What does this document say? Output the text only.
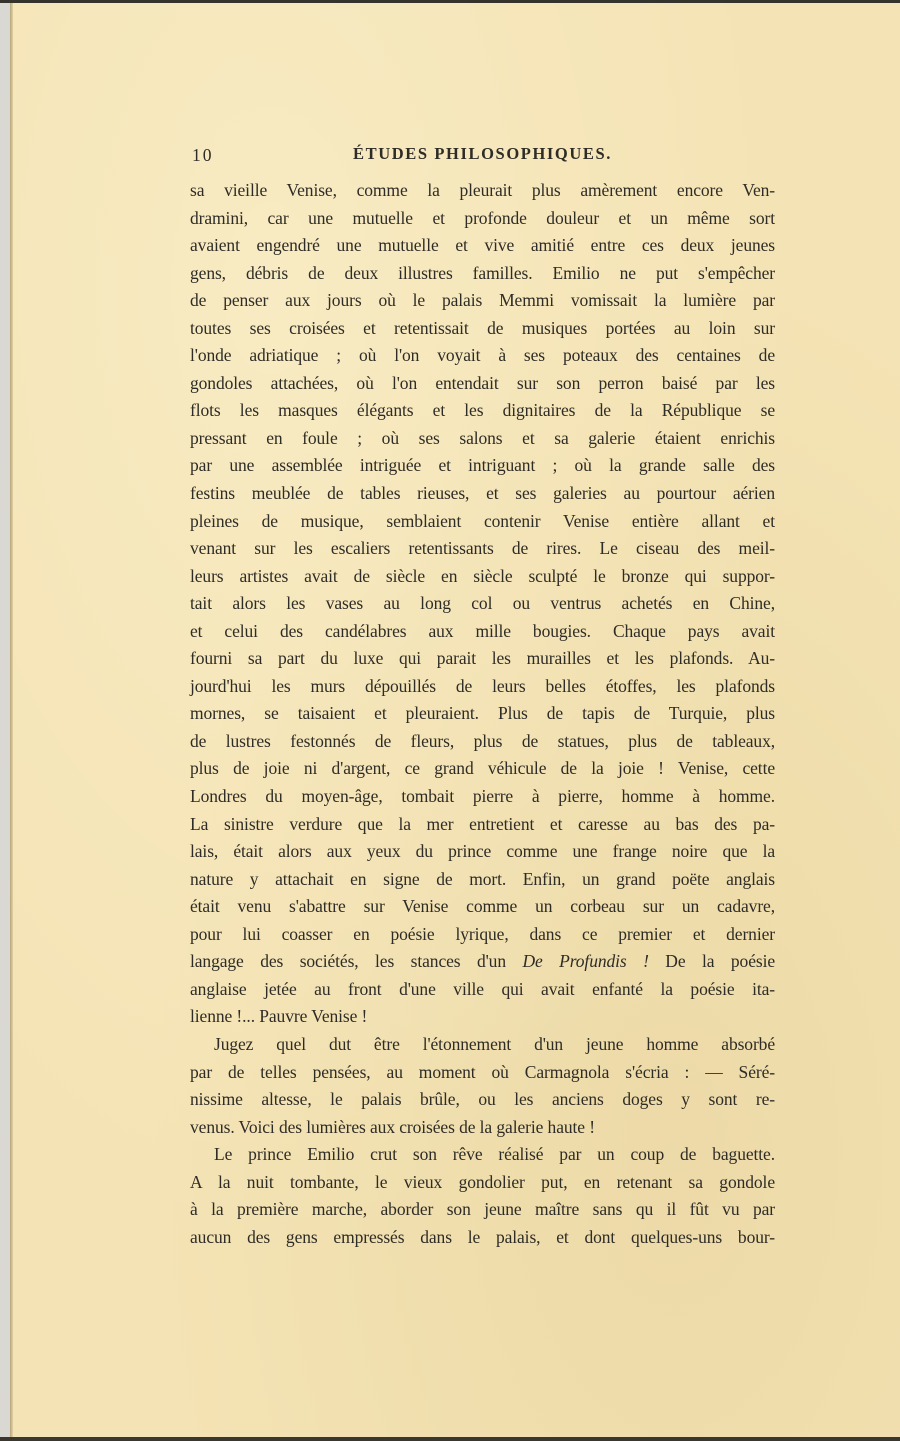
10	ÉTUDES PHILOSOPHIQUES.
sa vieille Venise, comme la pleurait plus amèrement encore Ven-
dramini, car une mutuelle et profonde douleur et un même sort
avaient engendré une mutuelle et vive amitié entre ces deux jeunes
gens, débris de deux illustres familles. Emilio ne put s'empêcher
de penser aux jours où le palais Memmi vomissait la lumière par
toutes ses croisées et retentissait de musiques portées au loin sur
l'onde adriatique ; où l'on voyait à ses poteaux des centaines de
gondoles attachées, où l'on entendait sur son perron baisé par les
flots les masques élégants et les dignitaires de la République se
pressant en foule ; où ses salons et sa galerie étaient enrichis
par une assemblée intriguée et intriguant ; où la grande salle des
festins meublée de tables rieuses, et ses galeries au pourtour aérien
pleines de musique, semblaient contenir Venise entière allant et
venant sur les escaliers retentissants de rires. Le ciseau des meil-
leurs artistes avait de siècle en siècle sculpté le bronze qui suppor-
tait alors les vases au long col ou ventrus achetés en Chine,
et celui des candélabres aux mille bougies. Chaque pays avait
fourni sa part du luxe qui parait les murailles et les plafonds. Au-
jourd'hui les murs dépouillés de leurs belles étoffes, les plafonds
mornes, se taisaient et pleuraient. Plus de tapis de Turquie, plus
de lustres festonnés de fleurs, plus de statues, plus de tableaux,
plus de joie ni d'argent, ce grand véhicule de la joie ! Venise, cette
Londres du moyen-âge, tombait pierre à pierre, homme à homme.
La sinistre verdure que la mer entretient et caresse au bas des pa-
lais, était alors aux yeux du prince comme une frange noire que la
nature y attachait en signe de mort. Enfin, un grand poëte anglais
était venu s'abattre sur Venise comme un corbeau sur un cadavre,
pour lui coasser en poésie lyrique, dans ce premier et dernier
langage des sociétés, les stances d'un De Profundis ! De la poésie
anglaise jetée au front d'une ville qui avait enfanté la poésie ita-
lienne !... Pauvre Venise !
Jugez quel dut être l'étonnement d'un jeune homme absorbé
par de telles pensées, au moment où Carmagnola s'écria : — Séré-
nissime altesse, le palais brûle, ou les anciens doges y sont re-
venus. Voici des lumières aux croisées de la galerie haute !
Le prince Emilio crut son rêve réalisé par un coup de baguette.
A la nuit tombante, le vieux gondolier put, en retenant sa gondole
à la première marche, aborder son jeune maître sans qu il fût vu par
aucun des gens empressés dans le palais, et dont quelques-uns bour-
